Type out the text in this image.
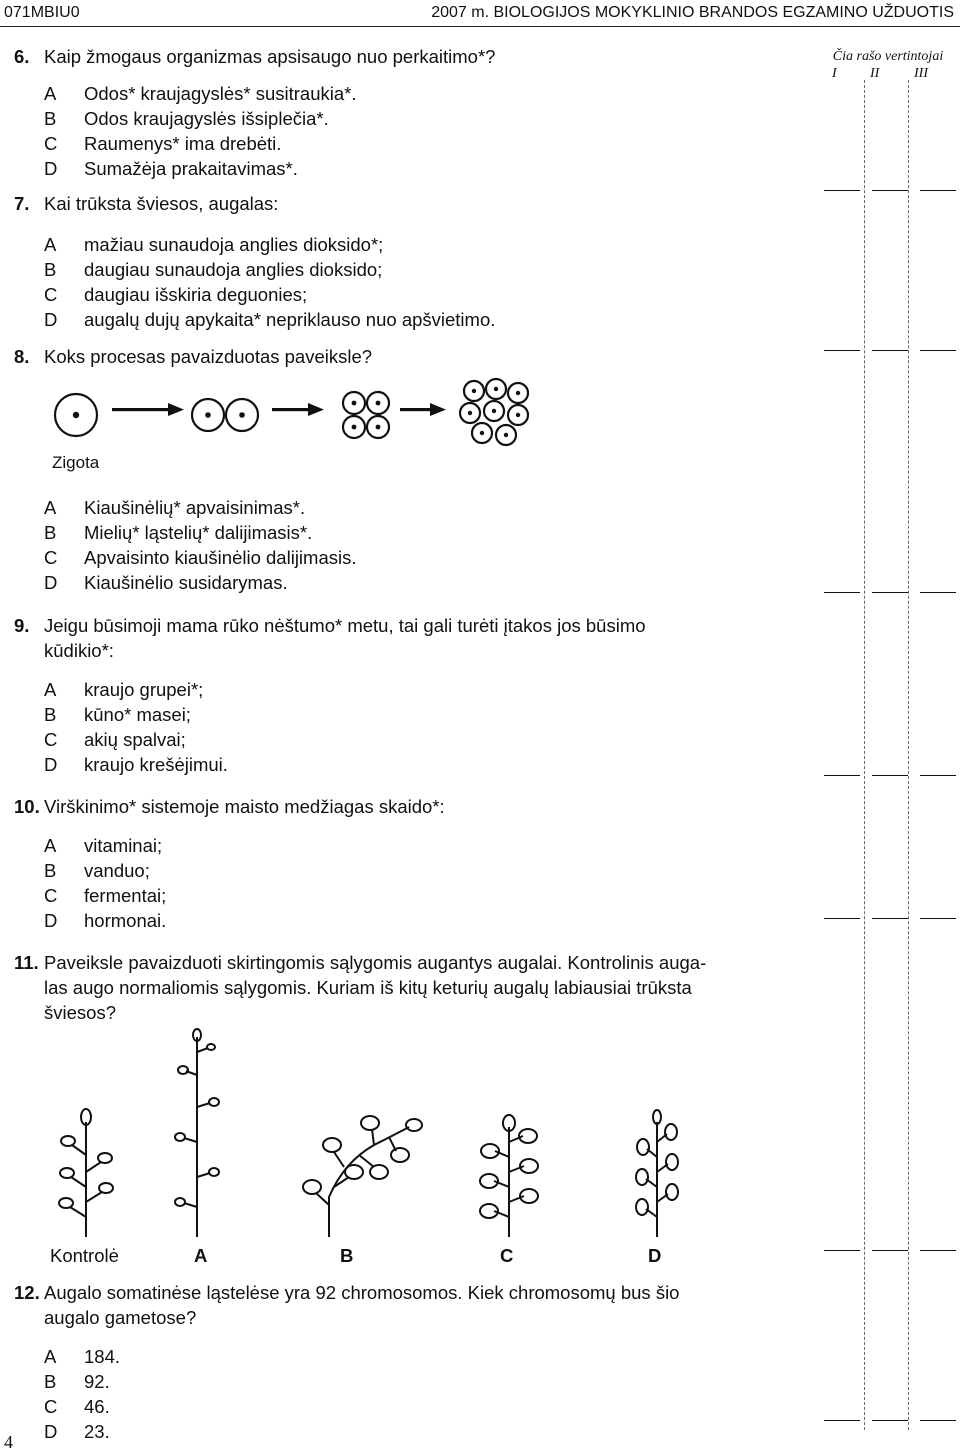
071MBIU0	2007 m. BIOLOGIJOS MOKYKLINIO BRANDOS EGZAMINO UŽDUOTIS
6. Kaip žmogaus organizmas apsisaugo nuo perkaitimo*?
A Odos* kraujagyslės* susitraukia*.
B Odos kraujagyslės išsiplečia*.
C Raumenys* ima drebėti.
D Sumažėja prakaitavimas*.
7. Kai trūksta šviesos, augalas:
A mažiau sunaudoja anglies dioksido*;
B daugiau sunaudoja anglies dioksido;
C daugiau išskiria deguonies;
D augalų dujų apykaita* nepriklauso nuo apšvietimo.
8. Koks procesas pavaizduotas paveiksle?
Zigota
A Kiaušinėlių* apvaisinimas*.
B Mielių* ląstelių* dalijimasis*.
C Apvaisinto kiaušinėlio dalijimasis.
D Kiaušinėlio susidarymas.
9. Jeigu būsimoji mama rūko nėštumo* metu, tai gali turėti įtakos jos būsimo
kūdikio*:
A kraujo grupei*;
B kūno* masei;
C akių spalvai;
D kraujo krešėjimui.
10. Virškinimo* sistemoje maisto medžiagas skaido*:
A vitaminai;
B vanduo;
C fermentai;
D hormonai.
11. Paveiksle pavaizduoti skirtingomis sąlygomis augantys augalai. Kontrolinis auga-
las augo normaliomis sąlygomis. Kuriam iš kitų keturių augalų labiausiai trūksta
šviesos?
Kontrolė	A	B	C	D
12. Augalo somatinėse ląstelėse yra 92 chromosomos. Kiek chromosomų bus šio
augalo gametose?
A 184.
B 92.
C 46.
D 23.
Čia rašo vertintojai
I II III
4
